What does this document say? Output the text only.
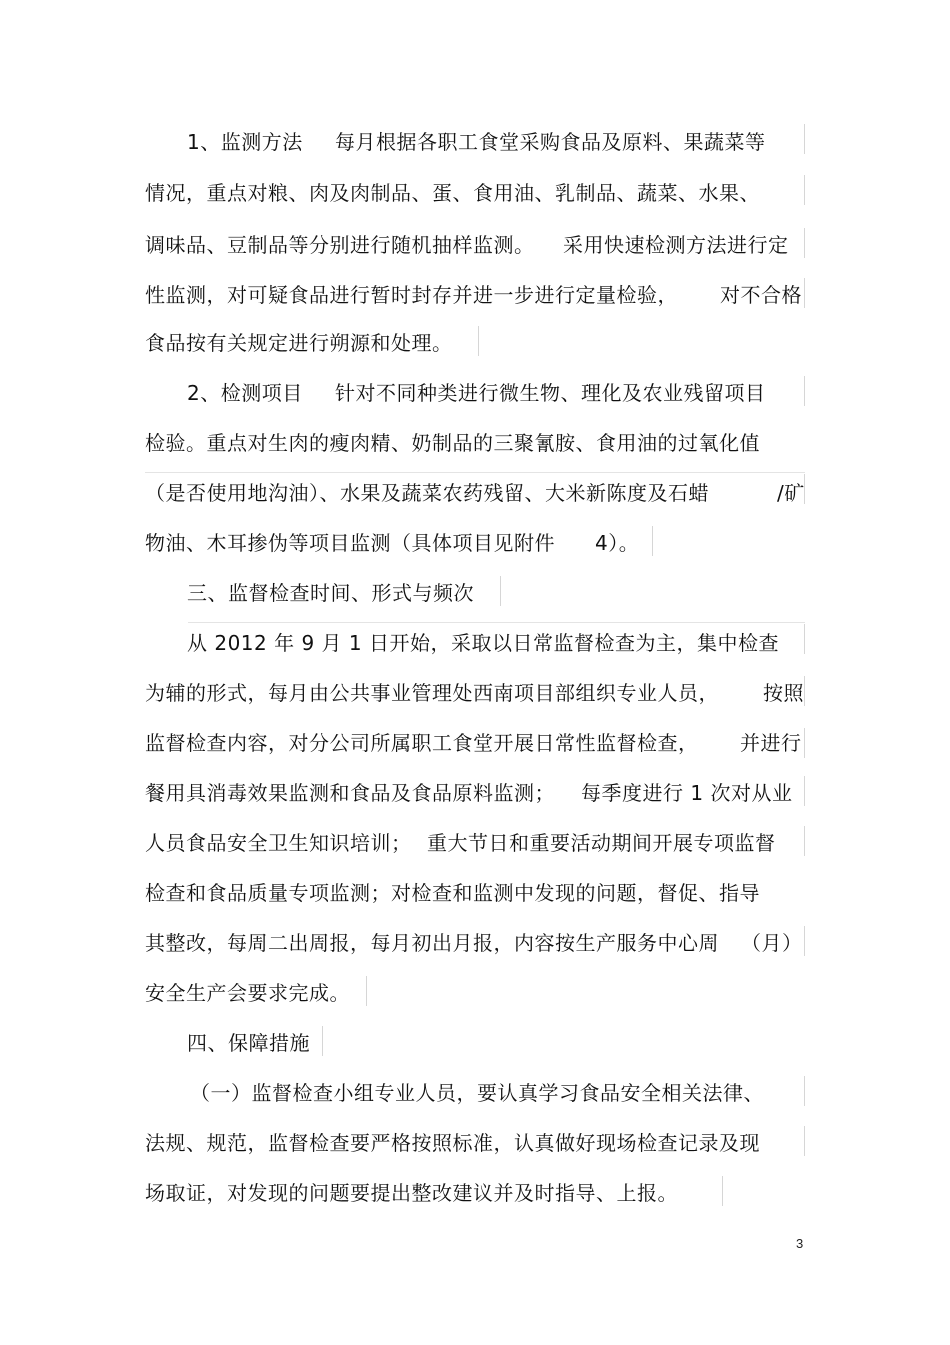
1、监测方法 每月根据各职工食堂采购食品及原料、果蔬菜等
情况，重点对粮、肉及肉制品、蛋、食用油、乳制品、蔬菜、水果、
调味品、豆制品等分别进行随机抽样监测。 采用快速检测方法进行定
性监测，对可疑食品进行暂时封存并进一步进行定量检验， 对不合格
食品按有关规定进行朔源和处理。
2、检测项目 针对不同种类进行微生物、理化及农业残留项目
检验。重点对生肉的瘦肉精、奶制品的三聚氰胺、食用油的过氧化值
（是否使用地沟油）、水果及蔬菜农药残留、大米新陈度及石蜡	/矿
物油、木耳掺伪等项目监测（具体项目见附件 4）。
三、监督检查时间、形式与频次
从 2012 年 9 月 1 日开始，采取以日常监督检查为主，集中检查
为辅的形式，每月由公共事业管理处西南项目部组织专业人员， 按照
监督检查内容，对分公司所属职工食堂开展日常性监督检查， 并进行
餐用具消毒效果监测和食品及食品原料监测； 每季度进行 1 次对从业
人员食品安全卫生知识培训； 重大节日和重要活动期间开展专项监督
检查和食品质量专项监测；对检查和监测中发现的问题，督促、指导
其整改，每周二出周报，每月初出月报，内容按生产服务中心周 （月）
安全生产会要求完成。
四、保障措施
（一）监督检查小组专业人员，要认真学习食品安全相关法律、
法规、规范，监督检查要严格按照标准，认真做好现场检查记录及现
场取证，对发现的问题要提出整改建议并及时指导、上报。
3
